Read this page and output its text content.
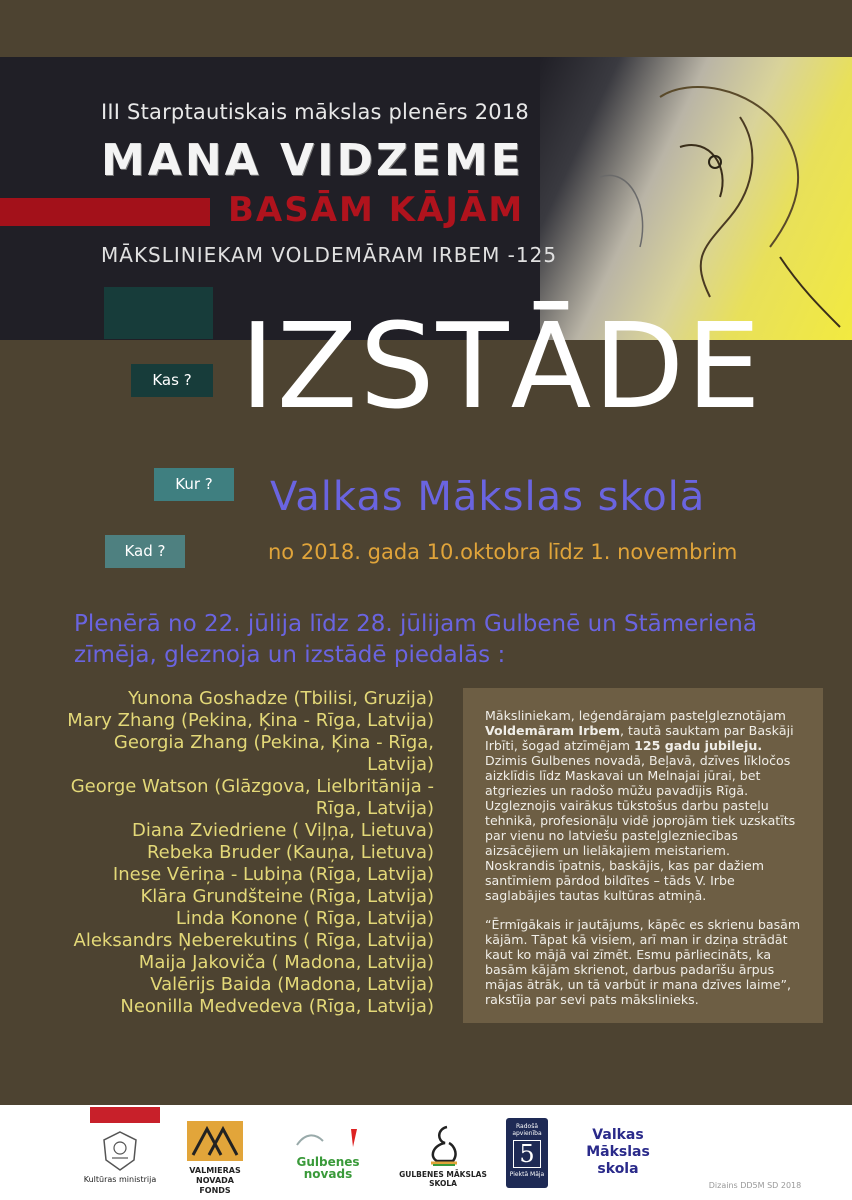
III Starptautiskais mākslas plenērs 2018
MANA VIDZEME
BASĀM KĀJĀM
MĀKSLINIEKAM VOLDEMĀRAM IRBEM -125
Kas ?
Kur ?
Kad ?
IZSTĀDE
Valkas Mākslas skolā
no 2018. gada 10.oktobra līdz 1. novembrim
Plenērā no 22. jūlija līdz 28. jūlijam Gulbenē un Stāmerienā zīmēja, gleznoja un izstādē piedalās :
Yunona Goshadze (Tbilisi, Gruzija)
Mary Zhang (Pekina, Ķina - Rīga, Latvija)
Georgia Zhang (Pekina, Ķina - Rīga,
Latvija)
George Watson (Glāzgova, Lielbritānija -
Rīga, Latvija)
Diana Zviedriene ( Viļņa, Lietuva)
Rebeka Bruder (Kauņa, Lietuva)
Inese Vēriņa - Lubiņa (Rīga, Latvija)
Klāra Grundšteine (Rīga, Latvija)
Linda Konone ( Rīga, Latvija)
Aleksandrs Ņeberekutins ( Rīga, Latvija)
Maija Jakoviča ( Madona, Latvija)
Valērijs Baida (Madona, Latvija)
Neonilla Medvedeva (Rīga, Latvija)

Māksliniekam, leģendārajam pasteļgleznotājam Voldemāram Irbem, tautā sauktam par Baskāji Irbīti, šogad atzīmējam 125 gadu jubileju. Dzimis Gulbenes novadā, Beļavā, dzīves līkločos aizklīdis līdz Maskavai un Melnajai jūrai, bet atgriezies un radošo mūžu pavadījis Rīgā. Uzgleznojis vairākus tūkstošus darbu pasteļu tehnikā, profesionāļu vidē joprojām tiek uzskatīts par vienu no latviešu pasteļglezniecības aizsācējiem un lielākajiem meistariem. Noskrandis īpatnis, baskājis, kas par dažiem santīmiem pārdod bildītes – tāds V. Irbe saglabājies tautas kultūras atmiņā.

“Ērmīgākais ir jautājums, kāpēc es skrienu basām kājām. Tāpat kā visiem, arī man ir dziņa strādāt kaut ko mājā vai zīmēt. Esmu pārliecināts, ka basām kājām skrienot, darbus padarīšu ārpus mājas ātrāk, un tā varbūt ir mana dzīves laime”, rakstīja par sevi pats mākslinieks.

Kultūras ministrija
VALMIERAS NOVADA
FONDS
Gulbenes
novads	GULBENES MĀKSLAS SKOLA
Radošā
apvienība
5
Piektā Māja
Valkas
Mākslas
skola
Dizains DD5M SD 2018
